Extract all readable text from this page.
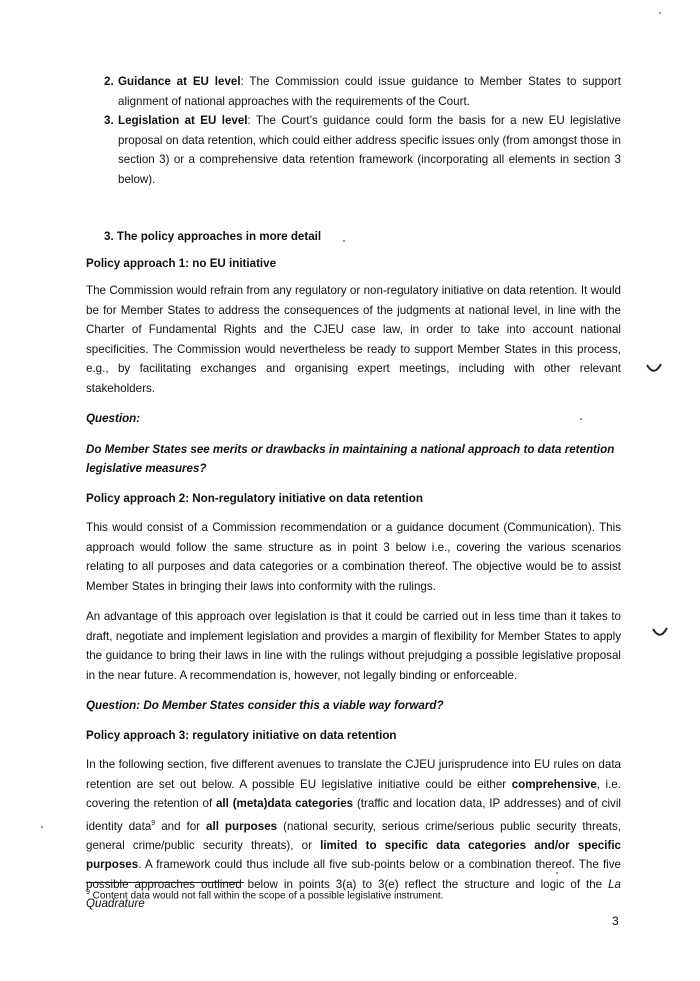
2. Guidance at EU level: The Commission could issue guidance to Member States to support alignment of national approaches with the requirements of the Court.
3. Legislation at EU level: The Court’s guidance could form the basis for a new EU legislative proposal on data retention, which could either address specific issues only (from amongst those in section 3) or a comprehensive data retention framework (incorporating all elements in section 3 below).
3. The policy approaches in more detail
Policy approach 1: no EU initiative

The Commission would refrain from any regulatory or non-regulatory initiative on data retention. It would be for Member States to address the consequences of the judgments at national level, in line with the Charter of Fundamental Rights and the CJEU case law, in order to take into account national specificities. The Commission would nevertheless be ready to support Member States in this process, e.g., by facilitating exchanges and organising expert meetings, including with other relevant stakeholders.

Question:
Do Member States see merits or drawbacks in maintaining a national approach to data retention legislative measures?
Policy approach 2: Non-regulatory initiative on data retention

This would consist of a Commission recommendation or a guidance document (Communication). This approach would follow the same structure as in point 3 below i.e., covering the various scenarios relating to all purposes and data categories or a combination thereof. The objective would be to assist Member States in bringing their laws into conformity with the rulings.

An advantage of this approach over legislation is that it could be carried out in less time than it takes to draft, negotiate and implement legislation and provides a margin of flexibility for Member States to apply the guidance to bring their laws in line with the rulings without prejudging a possible legislative proposal in the near future. A recommendation is, however, not legally binding or enforceable.

Question: Do Member States consider this a viable way forward?
Policy approach 3: regulatory initiative on data retention

In the following section, five different avenues to translate the CJEU jurisprudence into EU rules on data retention are set out below. A possible EU legislative initiative could be either comprehensive, i.e. covering the retention of all (meta)data categories (traffic and location data, IP addresses) and of civil identity data$^9$ and for all purposes (national security, serious crime/serious public security threats, general crime/public security threats), or limited to specific data categories and/or specific purposes. A framework could thus include all five sub-points below or a combination thereof. The five possible approaches outlined below in points 3(a) to 3(e) reflect the structure and logic of the La Quadrature

$^9$ Content data would not fall within the scope of a possible legislative instrument.
3
